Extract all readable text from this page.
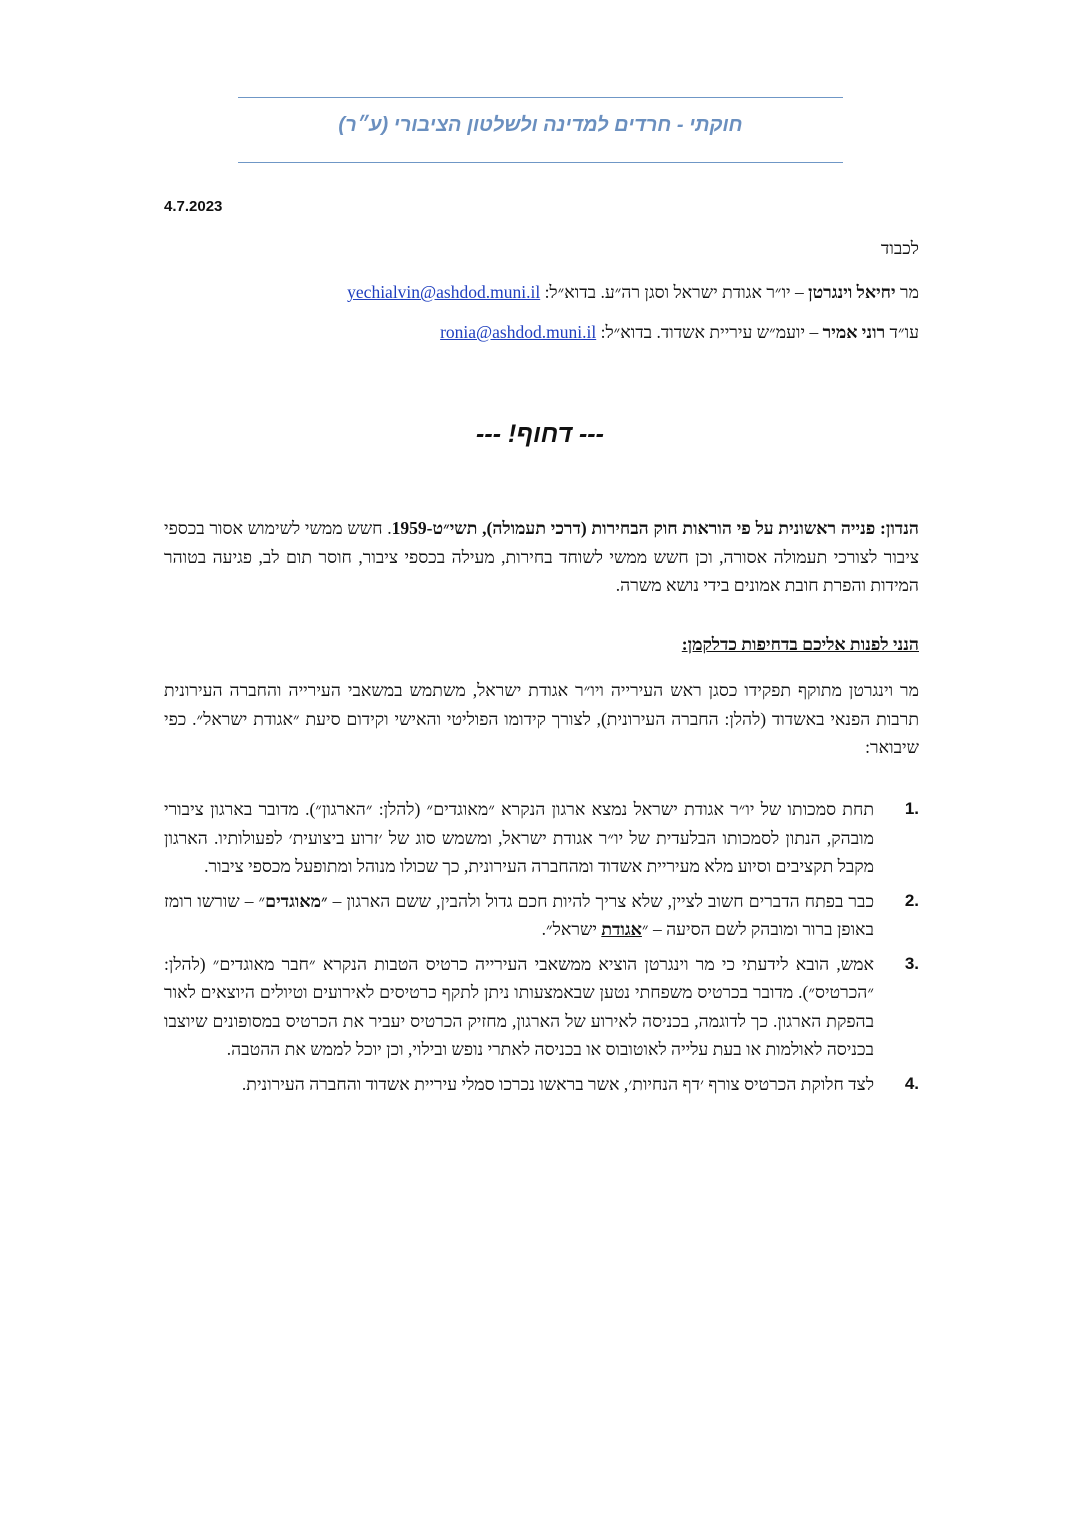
חוקתי - חרדים למדינה ולשלטון הציבורי (ע״ר)
4.7.2023
לכבוד
מר יחיאל וינגרטן – יו״ר אגודת ישראל וסגן רה״ע. בדוא״ל: yechialvin@ashdod.muni.il
עו״ד רוני אמיר – יועמ״ש עיריית אשדוד. בדוא״ל: ronia@ashdod.muni.il
--- דחוף! ---
הנדון: פנייה ראשונית על פי הוראות חוק הבחירות (דרכי תעמולה), תשי״ט-1959. חשש ממשי לשימוש אסור בכספי ציבור לצורכי תעמולה אסורה, וכן חשש ממשי לשוחד בחירות, מעילה בכספי ציבור, חוסר תום לב, פגיעה בטוהר המידות והפרת חובת אמונים בידי נושא משרה.
הנני לפנות אליכם בדחיפות כדלקמן:
מר וינגרטן מתוקף תפקידו כסגן ראש העירייה ויו״ר אגודת ישראל, משתמש במשאבי העירייה והחברה העירונית תרבות הפנאי באשדוד (להלן: החברה העירונית), לצורך קידומו הפוליטי והאישי וקידום סיעת ״אגודת ישראל״. כפי שיבואר:
1.
תחת סמכותו של יו״ר אגודת ישראל נמצא ארגון הנקרא ״מאוגדים״ (להלן: ״הארגון״). מדובר בארגון ציבורי מובהק, הנתון לסמכותו הבלעדית של יו״ר אגודת ישראל, ומשמש סוג של ׳זרוע ביצועית׳ לפעולותיו. הארגון מקבל תקציבים וסיוע מלא מעיריית אשדוד ומהחברה העירונית, כך שכולו מנוהל ומתופעל מכספי ציבור.
2.
כבר בפתח הדברים חשוב לציין, שלא צריך להיות חכם גדול ולהבין, ששם הארגון – ״מאוגדים״ – שורשו רומז באופן ברור ומובהק לשם הסיעה – ״אגודת ישראל״.
3.
אמש, הובא לידעתי כי מר וינגרטן הוציא ממשאבי העירייה כרטיס הטבות הנקרא ״חבר מאוגדים״ (להלן: ״הכרטיס״). מדובר בכרטיס משפחתי נטען שבאמצעותו ניתן לתקף כרטיסים לאירועים וטיולים היוצאים לאור בהפקת הארגון. כך לדוגמה, בכניסה לאירוע של הארגון, מחזיק הכרטיס יעביר את הכרטיס במסופונים שיוצבו בכניסה לאולמות או בעת עלייה לאוטובוס או בכניסה לאתרי נופש ובילוי, וכן יוכל לממש את ההטבה.
4.
לצד חלוקת הכרטיס צורף ׳דף הנחיות׳, אשר בראשו נכרכו סמלי עיריית אשדוד והחברה העירונית.
